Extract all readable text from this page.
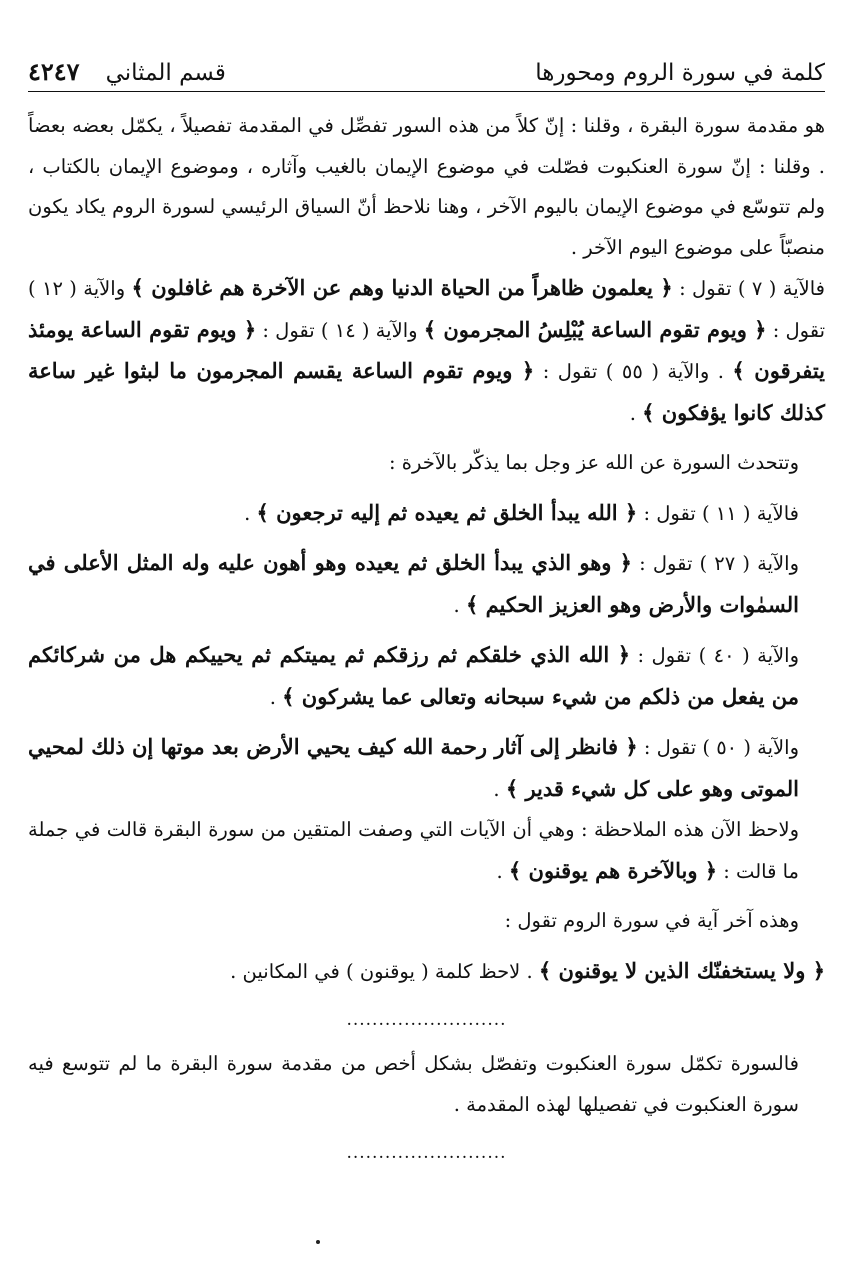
كلمة في سورة الروم ومحورها
قسم المثاني
٤٢٤٧

هو مقدمة سورة البقرة ، وقلنا : إنّ كلاً من هذه السور تفصِّل في المقدمة تفصيلاً ، يكمّل بعضه بعضاً . وقلنا : إنّ سورة العنكبوت فصّلت في موضوع الإيمان بالغيب وآثاره ، وموضوع الإيمان بالكتاب ، ولم تتوسّع في موضوع الإيمان باليوم الآخر ، وهنا نلاحظ أنّ السياق الرئيسي لسورة الروم يكاد يكون منصبّاً على موضوع اليوم الآخر .

فالآية ( ٧ ) تقول : ﴿ يعلمون ظاهراً من الحياة الدنيا وهم عن الآخرة هم غافلون ﴾ والآية ( ١٢ ) تقول : ﴿ ويوم تقوم الساعة يُبْلِسُ المجرمون ﴾ والآية ( ١٤ ) تقول : ﴿ ويوم تقوم الساعة يومئذ يتفرقون ﴾ . والآية ( ٥٥ ) تقول : ﴿ ويوم تقوم الساعة يقسم المجرمون ما لبثوا غير ساعة كذلك كانوا يؤفكون ﴾ .

وتتحدث السورة عن الله عز وجل بما يذكّر بالآخرة :

فالآية ( ١١ ) تقول : ﴿ الله يبدأ الخلق ثم يعيده ثم إليه ترجعون ﴾ .

والآية ( ٢٧ ) تقول : ﴿ وهو الذي يبدأ الخلق ثم يعيده وهو أهون عليه وله المثل الأعلى في السمٰوات والأرض وهو العزيز الحكيم ﴾ .

والآية ( ٤٠ ) تقول : ﴿ الله الذي خلقكم ثم رزقكم ثم يميتكم ثم يحييكم هل من شركائكم من يفعل من ذلكم من شيء سبحانه وتعالى عما يشركون ﴾ .

والآية ( ٥٠ ) تقول : ﴿ فانظر إلى آثار رحمة الله كيف يحيي الأرض بعد موتها إن ذلك لمحيي الموتى وهو على كل شيء قدير ﴾ .

ولاحظ الآن هذه الملاحظة : وهي أن الآيات التي وصفت المتقين من سورة البقرة قالت في جملة ما قالت : ﴿ وبالآخرة هم يوقنون ﴾ .

وهذه آخر آية في سورة الروم تقول :

﴿ ولا يستخفنّك الذين لا يوقنون ﴾ . لاحظ كلمة ( يوقنون ) في المكانين .

.........................

فالسورة تكمّل سورة العنكبوت وتفصّل بشكل أخص من مقدمة سورة البقرة ما لم تتوسع فيه سورة العنكبوت في تفصيلها لهذه المقدمة .

.........................
